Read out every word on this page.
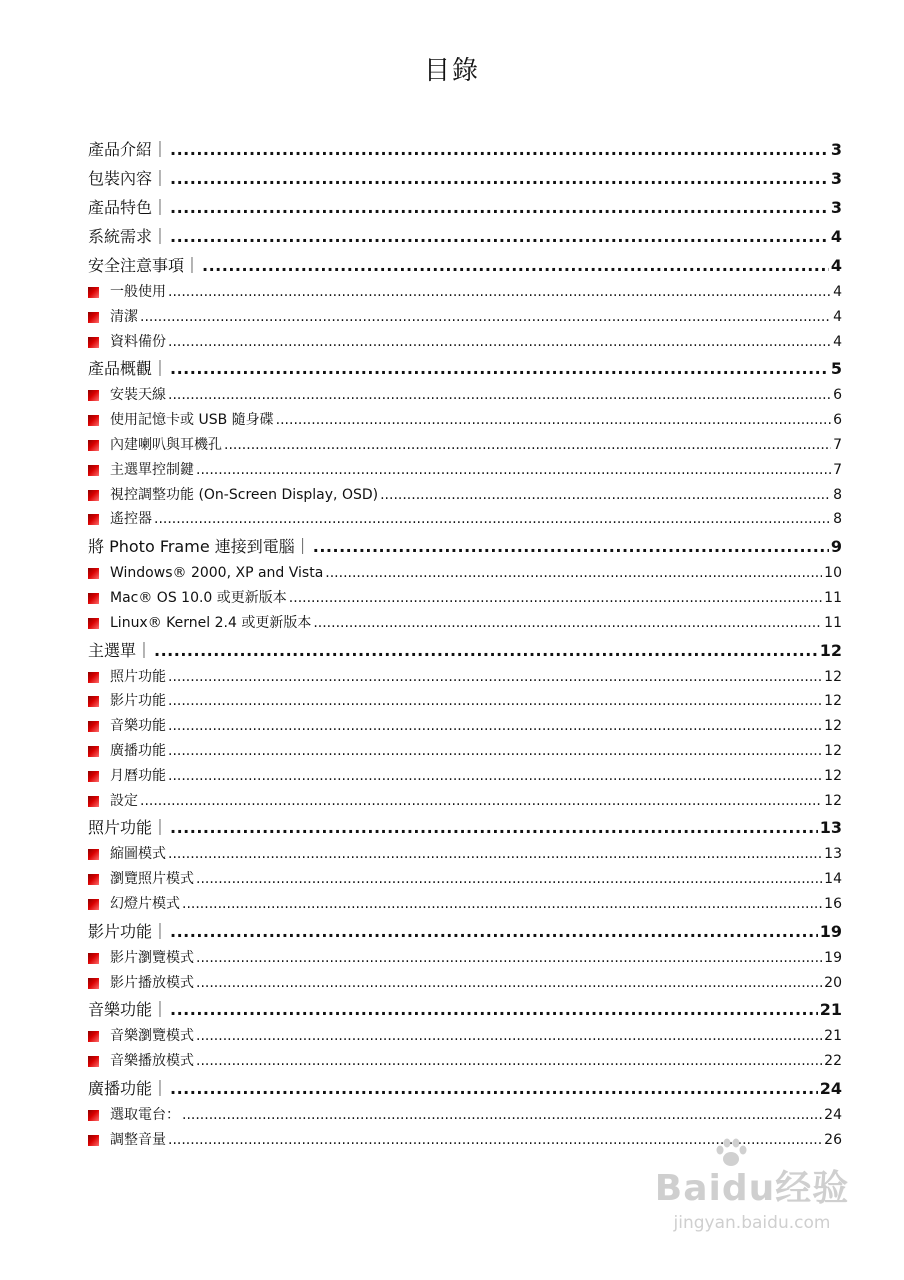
目錄
產品介紹｜ .....	3
包裝內容｜ .....	3
產品特色｜ .....	3
系統需求｜ .....	4
安全注意事項｜ .....	4
一般使用 .....	4
清潔 .....	4
資料備份 .....	4
產品概觀｜ .....	5
安裝天線 .....	6
使用記憶卡或 USB 隨身碟 .....	6
內建喇叭與耳機孔 .....	7
主選單控制鍵 .....	7
視控調整功能 (On-Screen Display, OSD) .....	8
遙控器 .....	8
將 Photo Frame 連接到電腦｜ .....	9
Windows® 2000, XP and Vista .....	10
Mac® OS 10.0 或更新版本 .....	11
Linux® Kernel 2.4 或更新版本 .....	11
主選單｜ .....	12
照片功能 .....	12
影片功能 .....	12
音樂功能 .....	12
廣播功能 .....	12
月曆功能 .....	12
設定 .....	12
照片功能｜ .....	13
縮圖模式 .....	13
瀏覽照片模式 .....	14
幻燈片模式 .....	16
影片功能｜ .....	19
影片瀏覽模式 .....	19
影片播放模式 .....	20
音樂功能｜ .....	21
音樂瀏覽模式 .....	21
音樂播放模式 .....	22
廣播功能｜ .....	24
選取電台： .....	24
調整音量 .....	26
Baidu经验
jingyan.baidu.com
